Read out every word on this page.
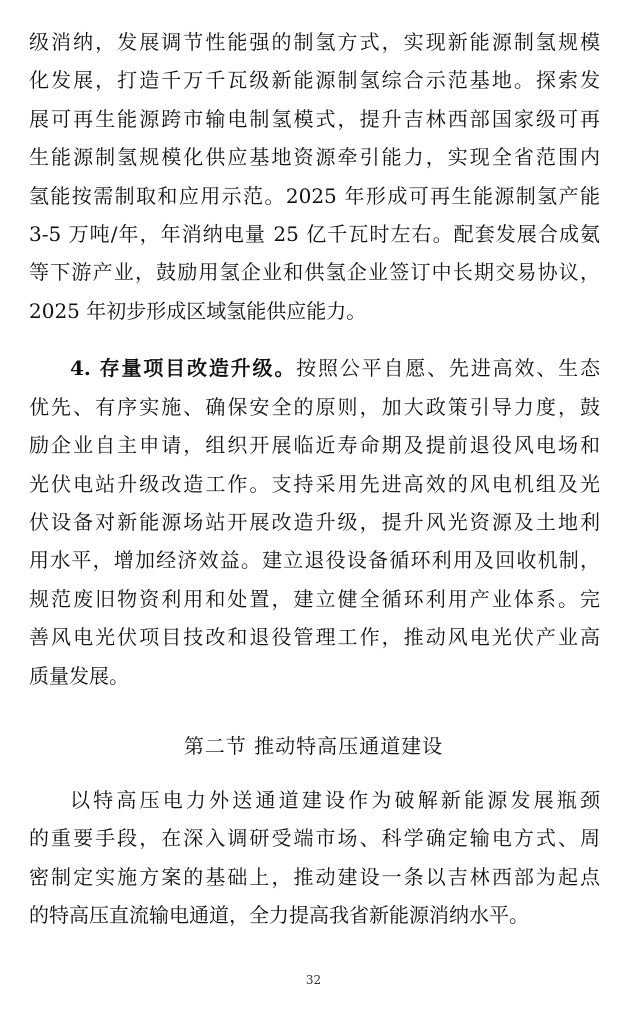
级消纳，发展调节性能强的制氢方式，实现新能源制氢规模
化发展，打造千万千瓦级新能源制氢综合示范基地。探索发
展可再生能源跨市输电制氢模式，提升吉林西部国家级可再
生能源制氢规模化供应基地资源牵引能力，实现全省范围内
氢能按需制取和应用示范。2025 年形成可再生能源制氢产能
3-5 万吨/年，年消纳电量 25 亿千瓦时左右。配套发展合成氨
等下游产业，鼓励用氢企业和供氢企业签订中长期交易协议，
2025 年初步形成区域氢能供应能力。
4. 存量项目改造升级。按照公平自愿、先进高效、生态
优先、有序实施、确保安全的原则，加大政策引导力度，鼓
励企业自主申请，组织开展临近寿命期及提前退役风电场和
光伏电站升级改造工作。支持采用先进高效的风电机组及光
伏设备对新能源场站开展改造升级，提升风光资源及土地利
用水平，增加经济效益。建立退役设备循环利用及回收机制，
规范废旧物资利用和处置，建立健全循环利用产业体系。完
善风电光伏项目技改和退役管理工作，推动风电光伏产业高
质量发展。
第二节 推动特高压通道建设
以特高压电力外送通道建设作为破解新能源发展瓶颈
的重要手段，在深入调研受端市场、科学确定输电方式、周
密制定实施方案的基础上，推动建设一条以吉林西部为起点
的特高压直流输电通道，全力提高我省新能源消纳水平。
32
